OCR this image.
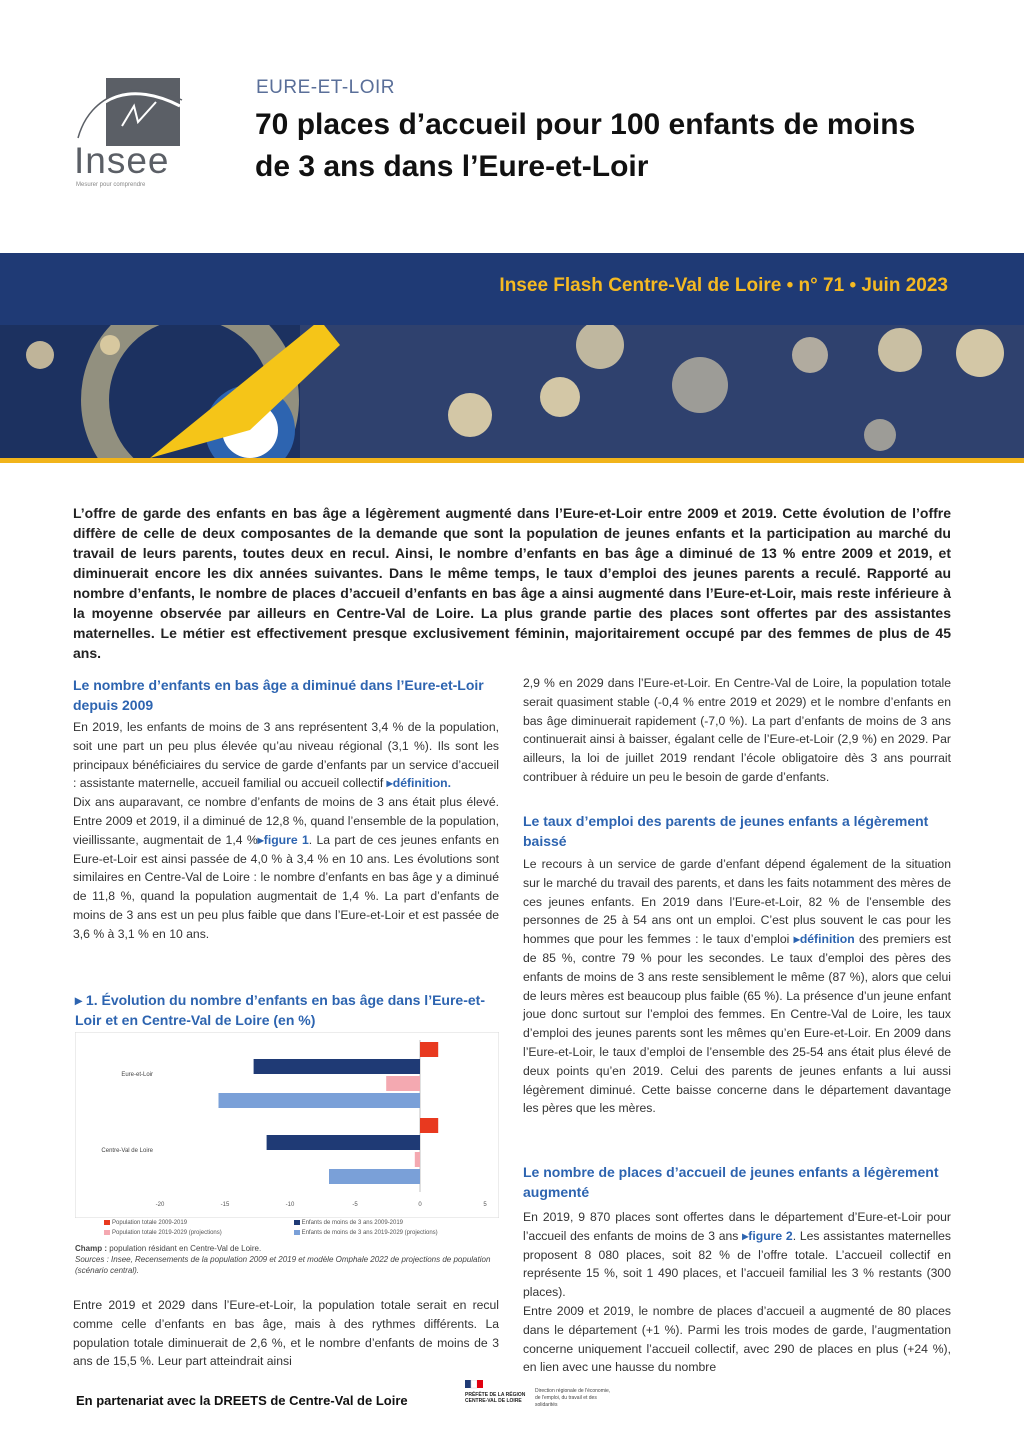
Insee
Mesurer pour comprendre
EURE-ET-LOIR
70 places d’accueil pour 100 enfants de moins de 3 ans dans l’Eure-et-Loir
Insee Flash Centre-Val de Loire • n° 71 • Juin 2023
L’offre de garde des enfants en bas âge a légèrement augmenté dans l’Eure-et-Loir entre 2009 et 2019. Cette évolution de l’offre diffère de celle de deux composantes de la demande que sont la population de jeunes enfants et la participation au marché du travail de leurs parents, toutes deux en recul. Ainsi, le nombre d’enfants en bas âge a diminué de 13 % entre 2009 et 2019, et diminuerait encore les dix années suivantes. Dans le même temps, le taux d’emploi des jeunes parents a reculé. Rapporté au nombre d’enfants, le nombre de places d’accueil d’enfants en bas âge a ainsi augmenté dans l’Eure-et-Loir, mais reste inférieure à la moyenne observée par ailleurs en Centre-Val de Loire. La plus grande partie des places sont offertes par des assistantes maternelles. Le métier est effectivement presque exclusivement féminin, majoritairement occupé par des femmes de plus de 45 ans.
Le nombre d’enfants en bas âge a diminué dans l’Eure-et-Loir depuis 2009

En 2019, les enfants de moins de 3 ans représentent 3,4 % de la population, soit une part un peu plus élevée qu’au niveau régional (3,1 %). Ils sont les principaux bénéficiaires du service de garde d’enfants par un service d’accueil : assistante maternelle, accueil familial ou accueil collectif ▸définition.

Dix ans auparavant, ce nombre d’enfants de moins de 3 ans était plus élevé. Entre 2009 et 2019, il a diminué de 12,8 %, quand l’ensemble de la population, vieillissante, augmentait de 1,4 %▸figure 1. La part de ces jeunes enfants en Eure-et-Loir est ainsi passée de 4,0 % à 3,4 % en 10 ans. Les évolutions sont similaires en Centre-Val de Loire : le nombre d’enfants en bas âge y a diminué de 11,8 %, quand la population augmentait de 1,4 %. La part d’enfants de moins de 3 ans est un peu plus faible que dans l’Eure-et-Loir et est passée de 3,6 % à 3,1 % en 10 ans.

▸ 1. Évolution du nombre d’enfants en bas âge dans l’Eure-et-Loir et en Centre-Val de Loire (en %)
Eure-et-Loir
Centre-Val de Loire
-20	-15	-10	-5	0	5
Population totale 2009-2019	Enfants de moins de 3 ans 2009-2019Population totale 2019-2029 (projections)	Enfants de moins de 3 ans 2019-2029 (projections)
Champ : population résidant en Centre-Val de Loire.
Sources : Insee, Recensements de la population 2009 et 2019 et modèle Omphale 2022 de projections de population (scénario central).

Entre 2019 et 2029 dans l’Eure-et-Loir, la population totale serait en recul comme celle d’enfants en bas âge, mais à des rythmes différents. La population totale diminuerait de 2,6 %, et le nombre d’enfants de moins de 3 ans de 15,5 %. Leur part atteindrait ainsi

2,9 % en 2029 dans l’Eure-et-Loir. En Centre-Val de Loire, la population totale serait quasiment stable (-0,4 % entre 2019 et 2029) et le nombre d’enfants en bas âge diminuerait rapidement (-7,0 %). La part d’enfants de moins de 3 ans continuerait ainsi à baisser, égalant celle de l’Eure-et-Loir (2,9 %) en 2029. Par ailleurs, la loi de juillet 2019 rendant l’école obligatoire dès 3 ans pourrait contribuer à réduire un peu le besoin de garde d’enfants.

Le taux d’emploi des parents de jeunes enfants a légèrement baissé

Le recours à un service de garde d’enfant dépend également de la situation sur le marché du travail des parents, et dans les faits notamment des mères de ces jeunes enfants. En 2019 dans l’Eure-et-Loir, 82 % de l’ensemble des personnes de 25 à 54 ans ont un emploi. C’est plus souvent le cas pour les hommes que pour les femmes : le taux d’emploi ▸définition des premiers est de 85 %, contre 79 % pour les secondes. Le taux d’emploi des pères des enfants de moins de 3 ans reste sensiblement le même (87 %), alors que celui de leurs mères est beaucoup plus faible (65 %). La présence d’un jeune enfant joue donc surtout sur l’emploi des femmes. En Centre-Val de Loire, les taux d’emploi des jeunes parents sont les mêmes qu’en Eure-et-Loir. En 2009 dans l’Eure-et-Loir, le taux d’emploi de l’ensemble des 25-54 ans était plus élevé de deux points qu’en 2019. Celui des parents de jeunes enfants a lui aussi légèrement diminué. Cette baisse concerne dans le département davantage les pères que les mères.

Le nombre de places d’accueil de jeunes enfants a légèrement augmenté

En 2019, 9 870 places sont offertes dans le département d’Eure-et-Loir pour l’accueil des enfants de moins de 3 ans ▸figure 2. Les assistantes maternelles proposent 8 080 places, soit 82 % de l’offre totale. L’accueil collectif en représente 15 %, soit 1 490 places, et l’accueil familial les 3 % restants (300 places).

Entre 2009 et 2019, le nombre de places d’accueil a augmenté de 80 places dans le département (+1 %). Parmi les trois modes de garde, l’augmentation concerne uniquement l’accueil collectif, avec 290 de places en plus (+24 %), en lien avec une hausse du nombre

En partenariat avec la DREETS de Centre-Val de Loire	PRÉFÈTE DE LA RÉGION CENTRE-VAL DE LOIRE
Direction régionale de l'économie, de l'emploi, du travail et des solidarités
